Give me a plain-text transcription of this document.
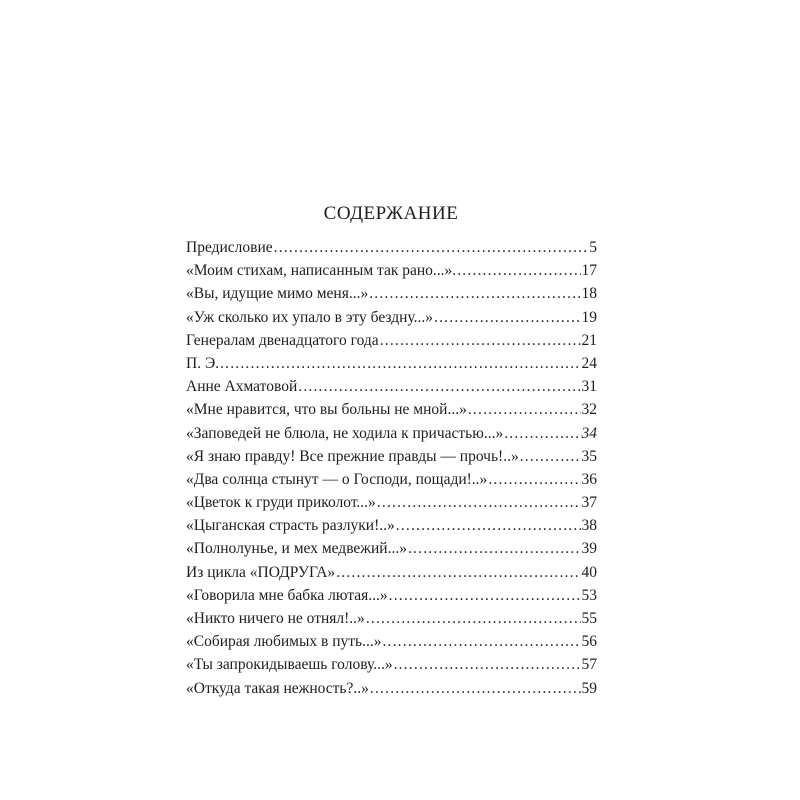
СОДЕРЖАНИЕ
Предисловие .....	5
«Моим стихам, написанным так рано...». .....	17
«Вы, идущие мимо меня...» .....	18
«Уж сколько их упало в эту бездну...» .....	19
Генералам двенадцатого года .....	21
П. Э. .....	24
Анне Ахматовой .....	31
«Мне нравится, что вы больны не мной...» .....	32
«Заповедей не блюла, не ходила к причастью...» .....	34
«Я знаю правду! Все прежние правды — прочь!..» .....	35
«Два солнца стынут — о Господи, пощади!..» .....	36
«Цветок к груди приколот...» .....	37
«Цыганская страсть разлуки!..» .....	38
«Полнолунье, и мех медвежий...» .....	39
Из цикла «ПОДРУГА» .....	40
«Говорила мне бабка лютая...» .....	53
«Никто ничего не отнял!..» .....	55
«Собирая любимых в путь...» .....	56
«Ты запрокидываешь голову...» .....	57
«Откуда такая нежность?..» .....	59
